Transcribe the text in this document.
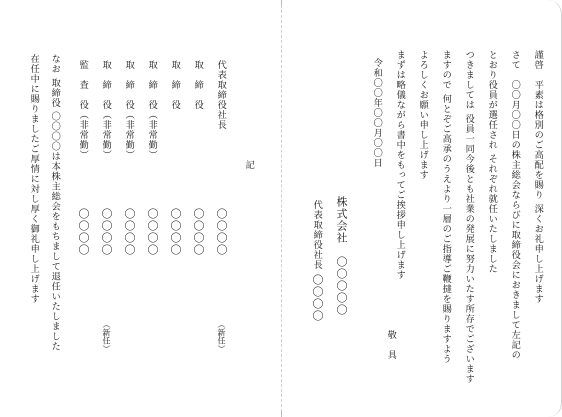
謹啓　平素は格別のご高配を賜り 深くお礼申し上げます

さて　〇〇月〇〇日の株主総会ならびに取締役会におきまして左記の

とおり役員が選任され それぞれ就任いたしました

つきましては 役員一同今後とも社業の発展に努力いたす所存でございます

ますので 何とぞご高承のうえより一層のご指導ご鞭撻を賜りますよう

よろしくお願い申し上げます

まずは略儀ながら書中をもってご挨拶申し上げます

令和〇〇年〇〇月〇〇日

敬　具

株式会社　〇〇〇〇〇

代表取締役社長

〇〇〇〇

記

代表取締役社長

〇〇〇〇

（新任）

取　締　役

〇〇〇〇

取　締　役

〇〇〇〇

取　締　役（非常勤）

〇〇〇〇

取　締　役（非常勤）

〇〇〇〇

取　締　役（非常勤）

〇〇〇〇

（新任）

監　査　役（非常勤）

〇〇〇〇

なお 取締役 〇〇〇〇は本株主総会をもちまして退任いたしました

在任中に賜りましたご厚情に対し厚く御礼申し上げます
